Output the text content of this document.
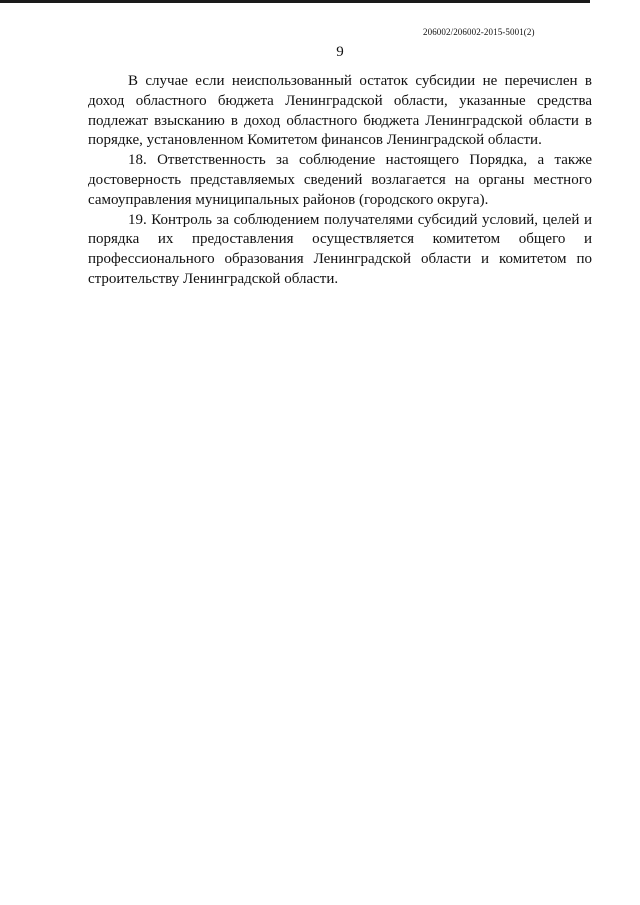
206002/206002-2015-5001(2)
9

В случае если неиспользованный остаток субсидии не перечислен в доход областного бюджета Ленинградской области, указанные средства подлежат взысканию в доход областного бюджета Ленинградской области в порядке, установленном Комитетом финансов Ленинградской области.

18. Ответственность за соблюдение настоящего Порядка, а также достоверность представляемых сведений возлагается на органы местного самоуправления муниципальных районов (городского округа).

19. Контроль за соблюдением получателями субсидий условий, целей и порядка их предоставления осуществляется комитетом общего и профессионального образования Ленинградской области и комитетом по строительству Ленинградской области.
